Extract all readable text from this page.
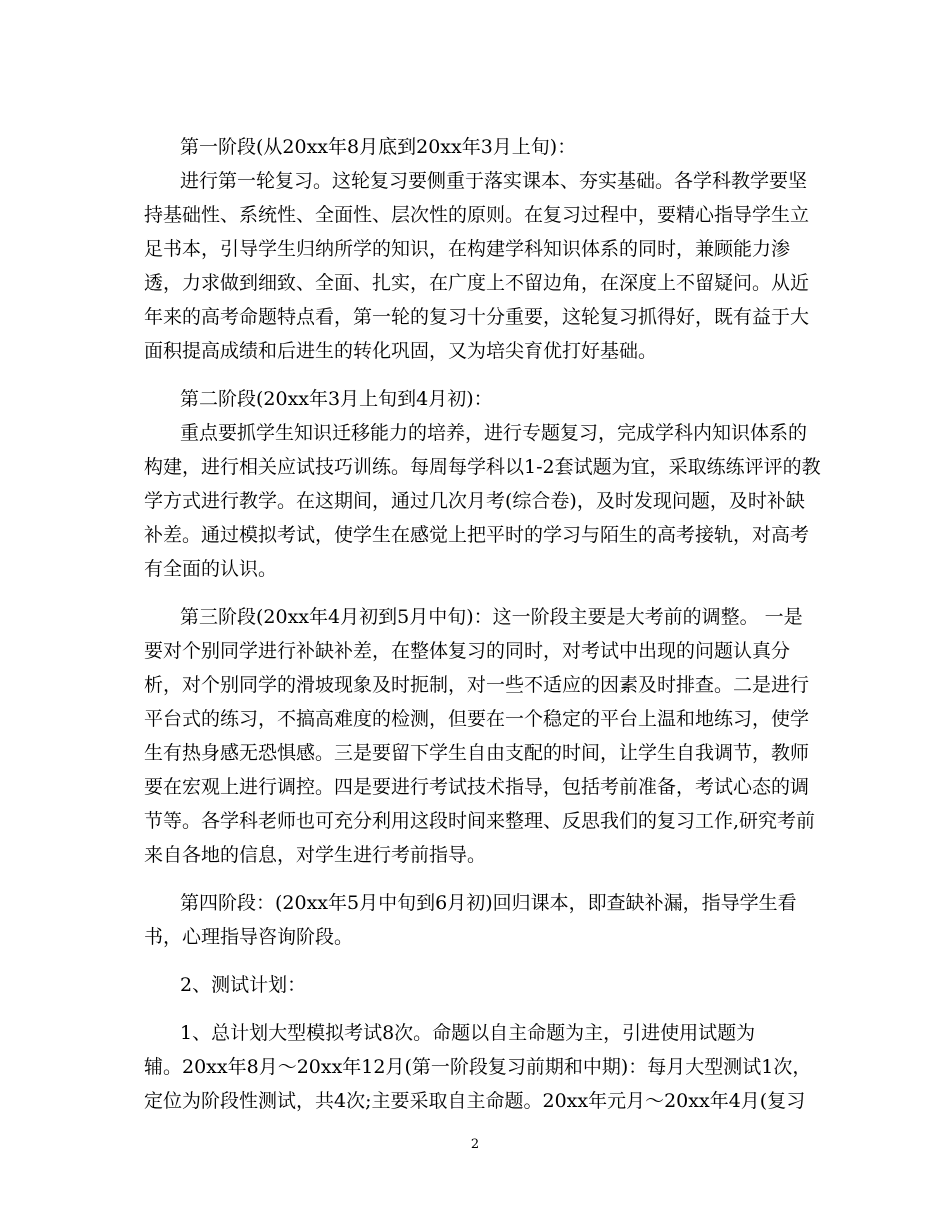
第一阶段(从20xx年8月底到20xx年3月上旬)：
进行第一轮复习。这轮复习要侧重于落实课本、夯实基础。各学科教学要坚
持基础性、系统性、全面性、层次性的原则。在复习过程中，要精心指导学生立
足书本，引导学生归纳所学的知识，在构建学科知识体系的同时，兼顾能力渗
透，力求做到细致、全面、扎实，在广度上不留边角，在深度上不留疑问。从近
年来的高考命题特点看，第一轮的复习十分重要，这轮复习抓得好，既有益于大
面积提高成绩和后进生的转化巩固，又为培尖育优打好基础。
第二阶段(20xx年3月上旬到4月初)：
重点要抓学生知识迁移能力的培养，进行专题复习，完成学科内知识体系的
构建，进行相关应试技巧训练。每周每学科以1-2套试题为宜，采取练练评评的教
学方式进行教学。在这期间，通过几次月考(综合卷)，及时发现问题，及时补缺
补差。通过模拟考试，使学生在感觉上把平时的学习与陌生的高考接轨，对高考
有全面的认识。
第三阶段(20xx年4月初到5月中旬)：这一阶段主要是大考前的调整。 一是
要对个别同学进行补缺补差，在整体复习的同时，对考试中出现的问题认真分
析，对个别同学的滑坡现象及时扼制，对一些不适应的因素及时排查。二是进行
平台式的练习，不搞高难度的检测，但要在一个稳定的平台上温和地练习，使学
生有热身感无恐惧感。三是要留下学生自由支配的时间，让学生自我调节，教师
要在宏观上进行调控。四是要进行考试技术指导，包括考前准备，考试心态的调
节等。各学科老师也可充分利用这段时间来整理、反思我们的复习工作,研究考前
来自各地的信息，对学生进行考前指导。
第四阶段：(20xx年5月中旬到6月初)回归课本，即查缺补漏，指导学生看
书，心理指导咨询阶段。
2、测试计划：
1、总计划大型模拟考试8次。命题以自主命题为主，引进使用试题为
辅。20xx年8月～20xx年12月(第一阶段复习前期和中期)：每月大型测试1次，
定位为阶段性测试，共4次;主要采取自主命题。20xx年元月～20xx年4月(复习
2
